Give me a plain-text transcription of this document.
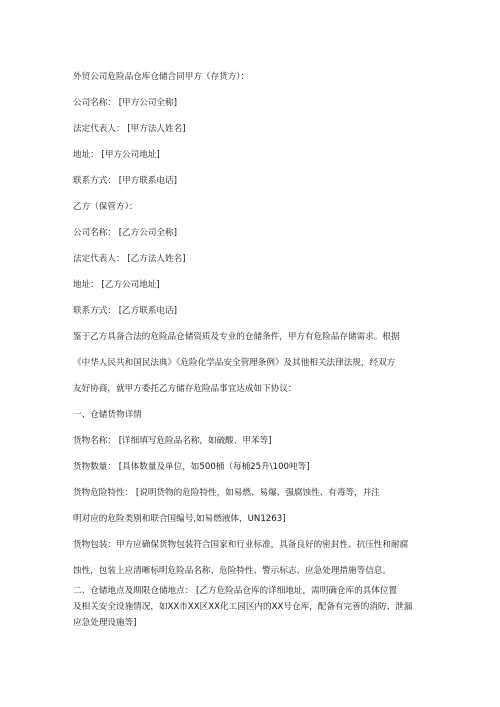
外贸公司危险品仓库仓储合同甲方（存货方）：
公司名称： [甲方公司全称]
法定代表人： [甲方法人姓名]
地址： [甲方公司地址]
联系方式： [甲方联系电话]
乙方（保管方）：
公司名称： [乙方公司全称]
法定代表人： [乙方法人姓名]
地址： [乙方公司地址]
联系方式： [乙方联系电话]
鉴于乙方具备合法的危险品仓储资质及专业的仓储条件，甲方有危险品存储需求。根据
《中华人民共和国民法典》《危险化学品安全管理条例》及其他相关法律法规，经双方
友好协商，就甲方委托乙方储存危险品事宜达成如下协议：
一、仓储货物详情
货物名称： [详细填写危险品名称，如硫酸、甲苯等]
货物数量： [具体数量及单位，如500桶（每桶25升\100吨等]
货物危险特性： [说明货物的危险特性，如易燃、易爆、强腐蚀性、有毒等，并注
明对应的危险类别和联合国编号,如易燃液体，UN1263]
货物包装：甲方应确保货物包装符合国家和行业标准，具备良好的密封性、抗压性和耐腐
蚀性，包装上应清晰标明危险品名称、危险特性、警示标志、应急处理措施等信息。
二、仓储地点及期限仓储地点： [乙方危险品仓库的详细地址，需明确仓库的具体位置
及相关安全设施情况，如XX市XX区XX化工园区内的XX号仓库，配备有完善的消防、泄漏
应急处理设施等]
